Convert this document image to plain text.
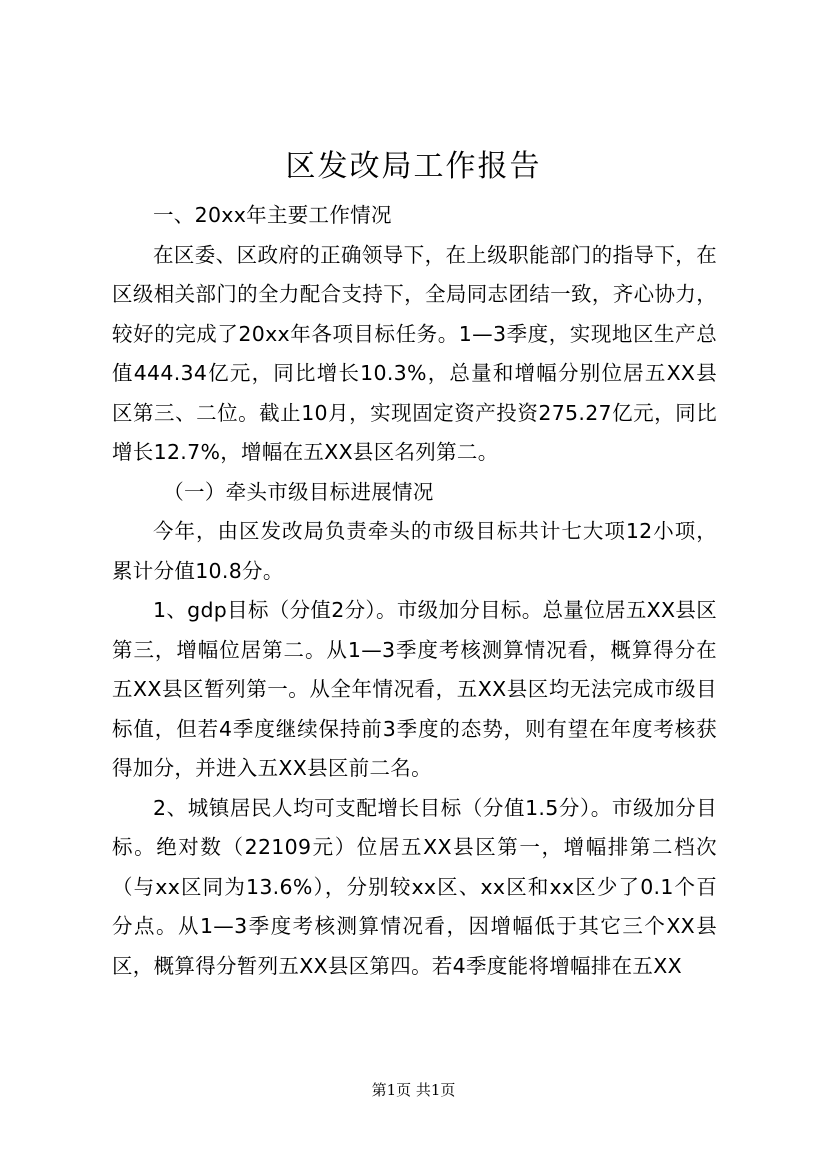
区发改局工作报告

一、20xx年主要工作情况

在区委、区政府的正确领导下，在上级职能部门的指导下，在区级相关部门的全力配合支持下，全局同志团结一致，齐心协力，较好的完成了20xx年各项目标任务。1—3季度，实现地区生产总值444.34亿元，同比增长10.3%，总量和增幅分别位居五XX县区第三、二位。截止10月，实现固定资产投资275.27亿元，同比增长12.7%，增幅在五XX县区名列第二。

（一）牵头市级目标进展情况

今年，由区发改局负责牵头的市级目标共计七大项12小项，累计分值10.8分。

1、gdp目标（分值2分）。市级加分目标。总量位居五XX县区第三，增幅位居第二。从1—3季度考核测算情况看，概算得分在五XX县区暂列第一。从全年情况看，五XX县区均无法完成市级目标值，但若4季度继续保持前3季度的态势，则有望在年度考核获得加分，并进入五XX县区前二名。

2、城镇居民人均可支配增长目标（分值1.5分）。市级加分目标。绝对数（22109元）位居五XX县区第一，增幅排第二档次（与xx区同为13.6%），分别较xx区、xx区和xx区少了0.1个百分点。从1—3季度考核测算情况看，因增幅低于其它三个XX县区，概算得分暂列五XX县区第四。若4季度能将增幅排在五XX

第1页 共1页
